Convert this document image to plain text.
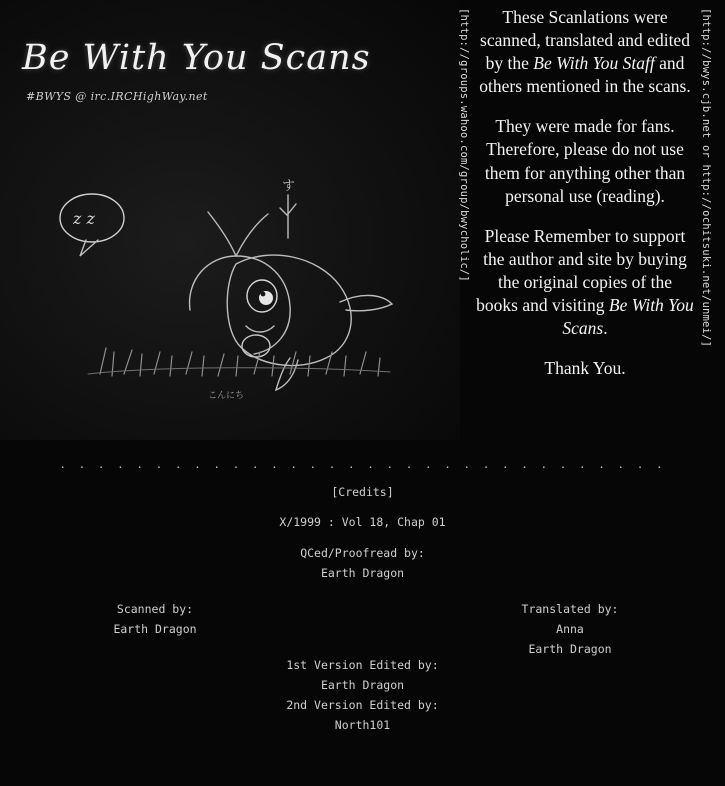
Be With You Scans
#BWYS @ irc.IRCHighWay.net
z z
す
こんにち
[http://groups.wahoo.com/group/bwycholic/]	[http://bwys.cjb.net or http://ochitsuki.net/unmei/]

These Scanlations were scanned, translated and edited by the Be With You Staff and others mentioned in the scans.

They were made for fans. Therefore, please do not use them for anything other than personal use (reading).

Please Remember to support the author and site by buying the original copies of the books and visiting Be With You Scans.

Thank You.

. . . . . . . . . . . . . . . . . . . . . . . . . . . . . . . .
[Credits]
X/1999 : Vol 18, Chap 01
QCed/Proofread by:
Earth Dragon
Scanned by:
Earth Dragon
Translated by:
Anna
Earth Dragon
1st Version Edited by:
Earth Dragon
2nd Version Edited by:
North101
